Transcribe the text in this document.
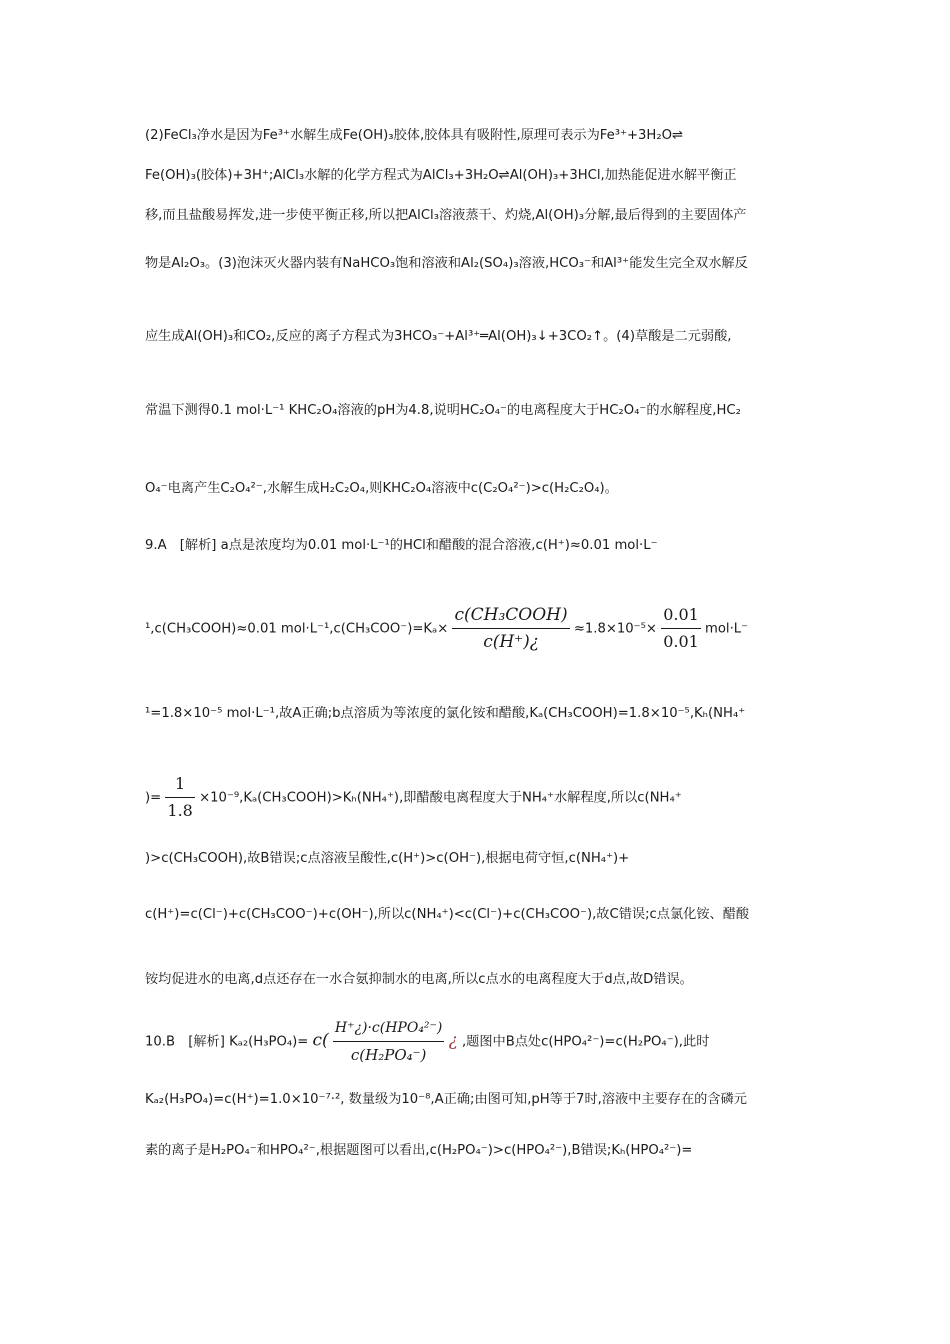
(2)FeCl₃净水是因为Fe³⁺水解生成Fe(OH)₃胶体,胶体具有吸附性,原理可表示为Fe³⁺+3H₂O⇌
Fe(OH)₃(胶体)+3H⁺;AlCl₃水解的化学方程式为AlCl₃+3H₂O⇌Al(OH)₃+3HCl,加热能促进水解平衡正
移,而且盐酸易挥发,进一步使平衡正移,所以把AlCl₃溶液蒸干、灼烧,Al(OH)₃分解,最后得到的主要固体产
物是Al₂O₃。(3)泡沫灭火器内装有NaHCO₃饱和溶液和Al₂(SO₄)₃溶液,HCO₃⁻和Al³⁺能发生完全双水解反
应生成Al(OH)₃和CO₂,反应的离子方程式为3HCO₃⁻+Al³⁺═Al(OH)₃↓+3CO₂↑。(4)草酸是二元弱酸,
常温下测得0.1 mol·L⁻¹ KHC₂O₄溶液的pH为4.8,说明HC₂O₄⁻的电离程度大于HC₂O₄⁻的水解程度,HC₂
O₄⁻电离产生C₂O₄²⁻,水解生成H₂C₂O₄,则KHC₂O₄溶液中c(C₂O₄²⁻)>c(H₂C₂O₄)。
9.A　[解析] a点是浓度均为0.01 mol·L⁻¹的HCl和醋酸的混合溶液,c(H⁺)≈0.01 mol·L⁻
¹,c(CH₃COOH)≈0.01 $mol\cdot L^{-1},c(CH_3COO^-)=K_a\times \frac{\text{c(CH₃COOH)}}{c(H^+)¿} \approx 1.8\times 10^{-5}\times \frac{0.01}{0.01} mol\cdot L^-$
¹=1.8×10⁻⁵ mol·L⁻¹,故A正确;b点溶质为等浓度的氯化铵和醋酸,Kₐ(CH₃COOH)=1.8×10⁻⁵,Kₕ(NH₄⁺
)= $\frac{1}{1.8}$ ×10⁻⁹,Kₐ(CH₃COOH)>Kₕ(NH₄⁺),即醋酸电离程度大于NH₄⁺水解程度,所以c(NH₄⁺
)>c(CH₃COOH),故B错误;c点溶液呈酸性,c(H⁺)>c(OH⁻),根据电荷守恒,c(NH₄⁺)+
c(H⁺)=c(Cl⁻)+c(CH₃COO⁻)+c(OH⁻),所以c(NH₄⁺)<c(Cl⁻)+c(CH₃COO⁻),故C错误;c点氯化铵、醋酸
铵均促进水的电离,d点还存在一水合氨抑制水的电离,所以c点水的电离程度大于d点,故D错误。
10.B　[解析] $K_{a2}(H_3PO_4)= c( \frac{\text{H⁺¿)·c(HPO₄²⁻)}}{\text{c(H₂PO₄⁻)}}$ ¿ ,题图中B点处c(HPO₄²⁻)=c(H₂PO₄⁻),此时
Kₐ₂(H₃PO₄)=c(H⁺)=1.0×10⁻⁷·², 数量级为10⁻⁸,A正确;由图可知,pH等于7时,溶液中主要存在的含磷元
素的离子是H₂PO₄⁻和HPO₄²⁻,根据题图可以看出,c(H₂PO₄⁻)>c(HPO₄²⁻),B错误;Kₕ(HPO₄²⁻)=
